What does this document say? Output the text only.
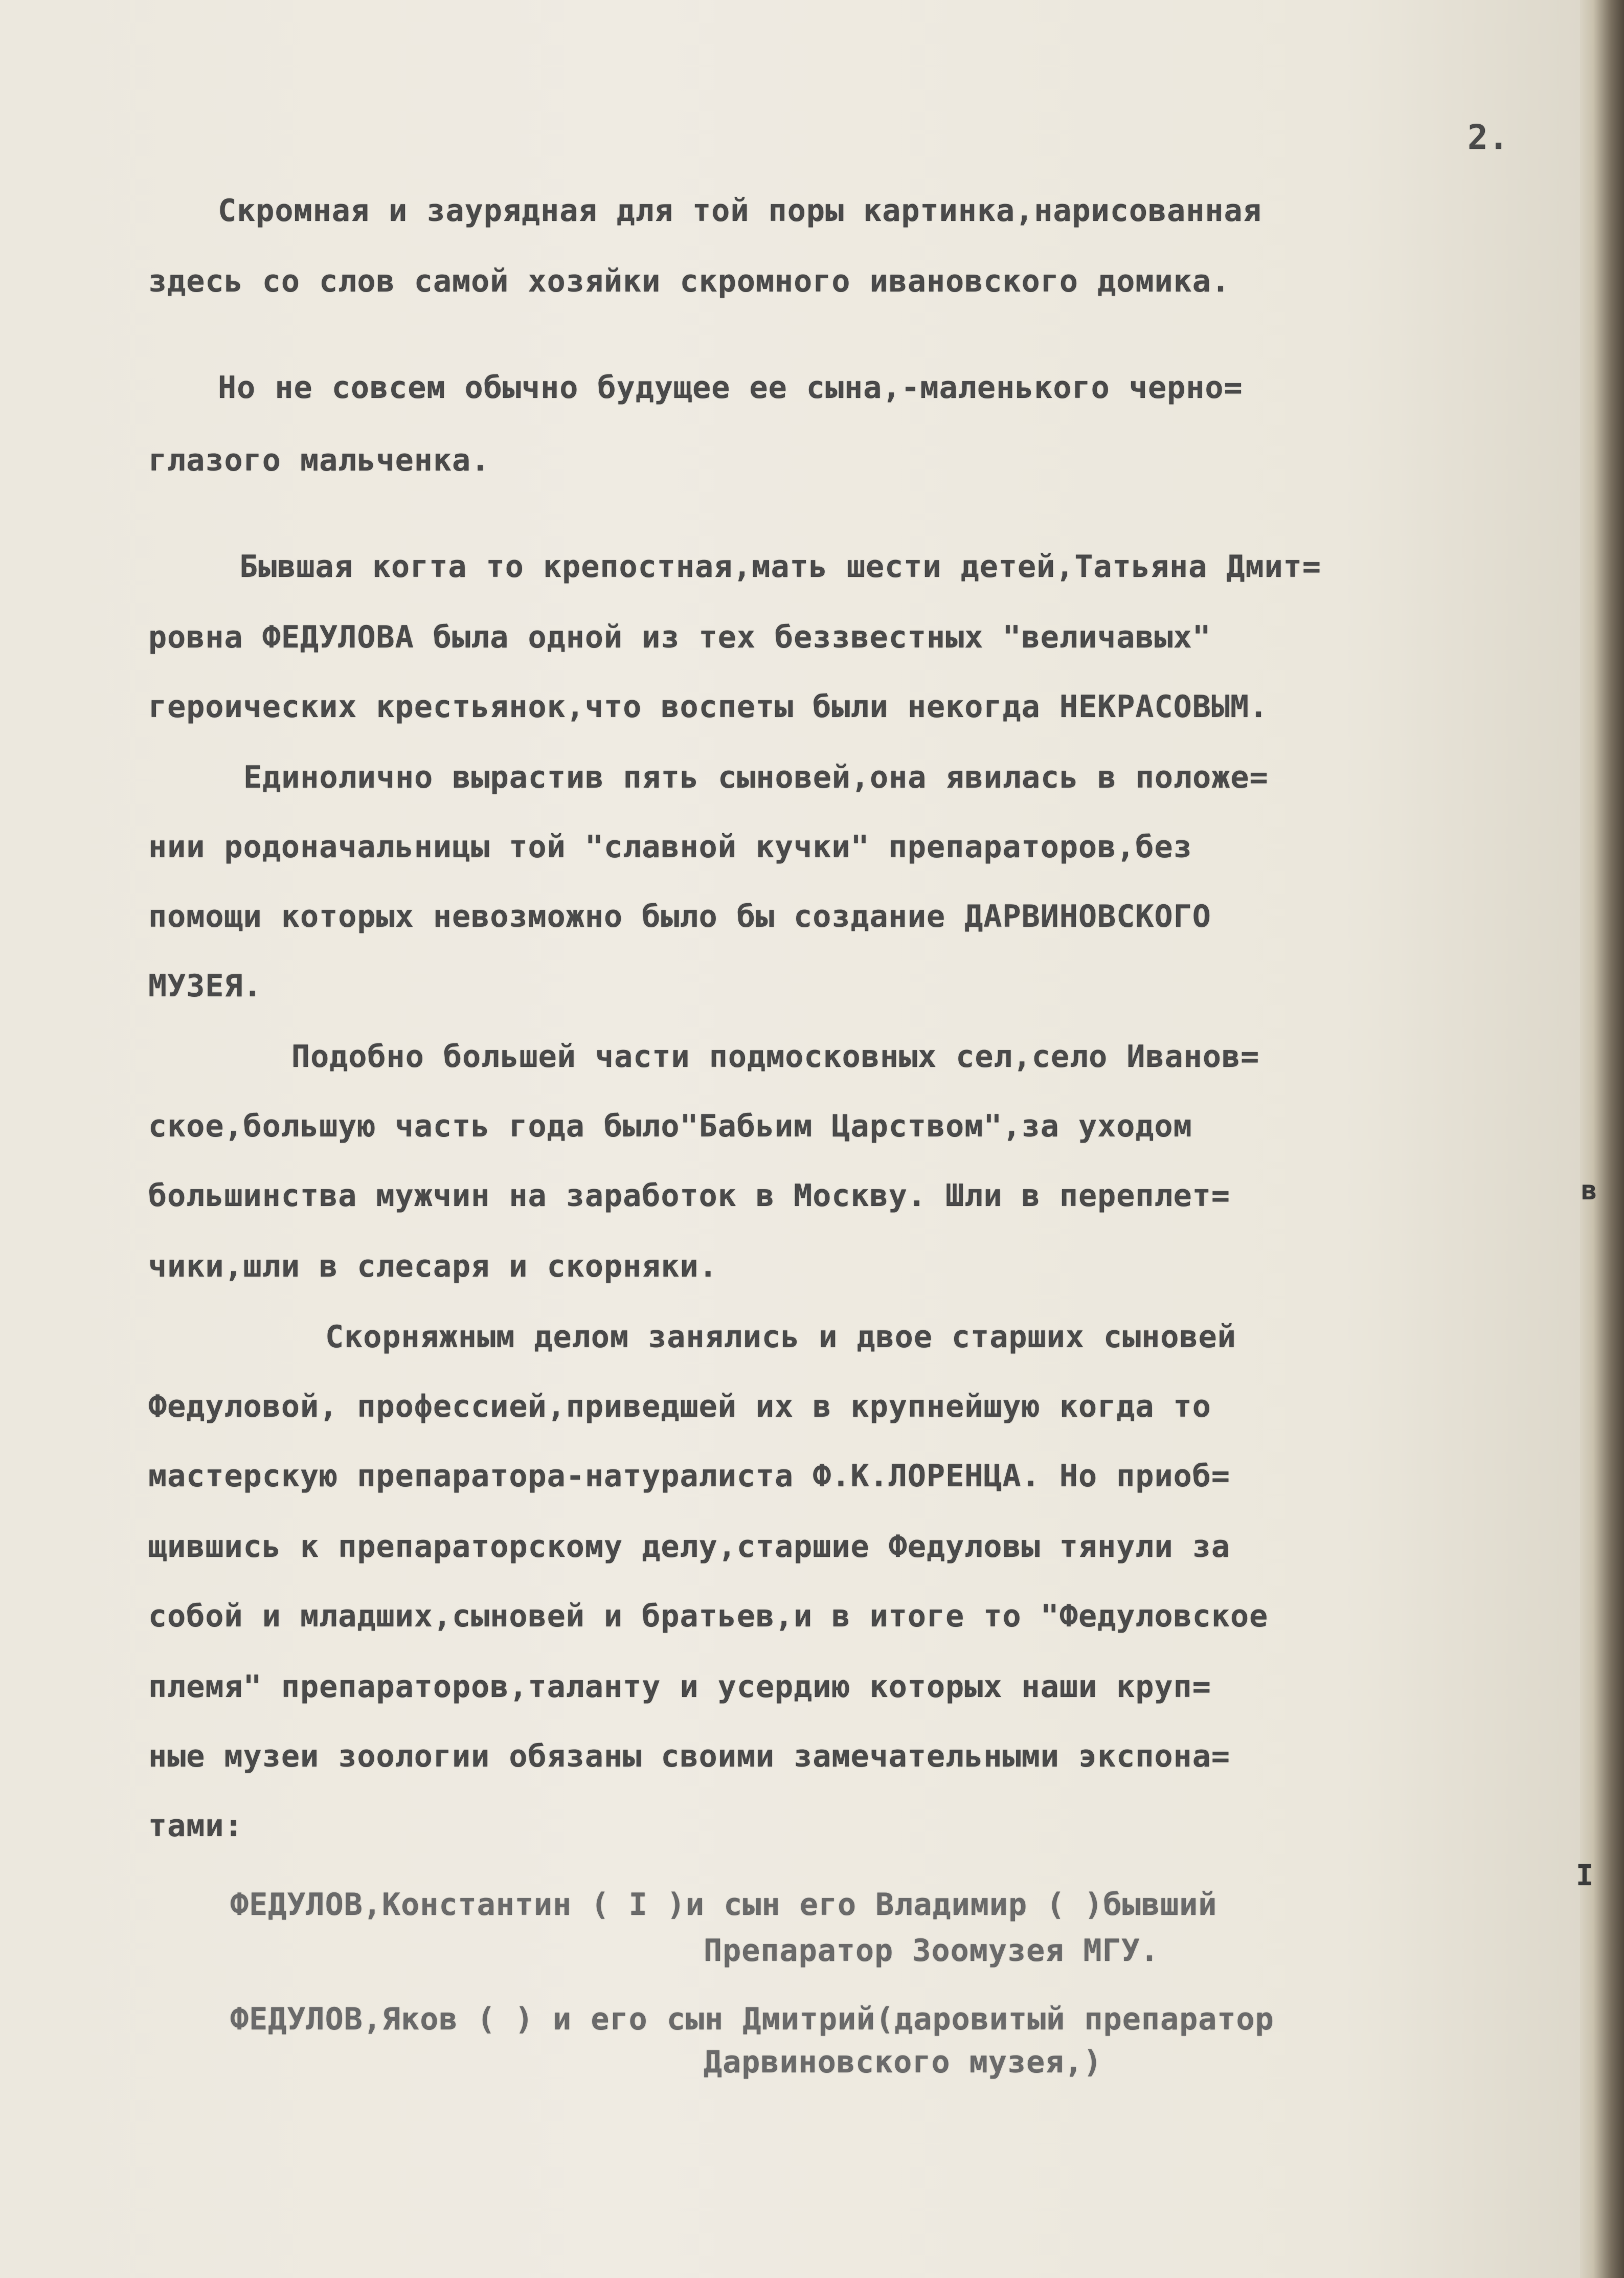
2.
Скромная и заурядная для той поры картинка,нарисованная
здесь со слов самой хозяйки скромного ивановского домика.
Но не совсем обычно будущее ее сына,-маленького черно=
глазого мальченка.
Бывшая когта то крепостная,мать шести детей,Татьяна Дмит=
ровна ФЕДУЛОВА была одной из тех беззвестных "величавых"
героических крестьянок,что воспеты были некогда НЕКРАСОВЫМ.
Единолично вырастив пять сыновей,она явилась в положе=
нии родоначальницы той "славной кучки" препараторов,без
помощи которых невозможно было бы создание ДАРВИНОВСКОГО
МУЗЕЯ.
Подобно большей части подмосковных сел,село Иванов=
ское,большую часть года было"Бабьим Царством",за уходом
большинства мужчин на заработок в Москву. Шли в переплет=
чики,шли в слесаря и скорняки.
Скорняжным делом занялись и двое старших сыновей
Федуловой, профессией,приведшей их в крупнейшую когда то
мастерскую препаратора-натуралиста Ф.К.ЛОРЕНЦА. Но приоб=
щившись к препараторскому делу,старшие Федуловы тянули за
собой и младших,сыновей и братьев,и в итоге то "Федуловское
племя" препараторов,таланту и усердию которых наши круп=
ные музеи зоологии обязаны своими замечательными экспона=
тами:
ФЕДУЛОВ,Константин ( I )и сын его Владимир ( )бывший
Препаратор Зоомузея МГУ.
ФЕДУЛОВ,Яков ( ) и его сын Дмитрий(даровитый препаратор
Дарвиновского музея,)
в
I
